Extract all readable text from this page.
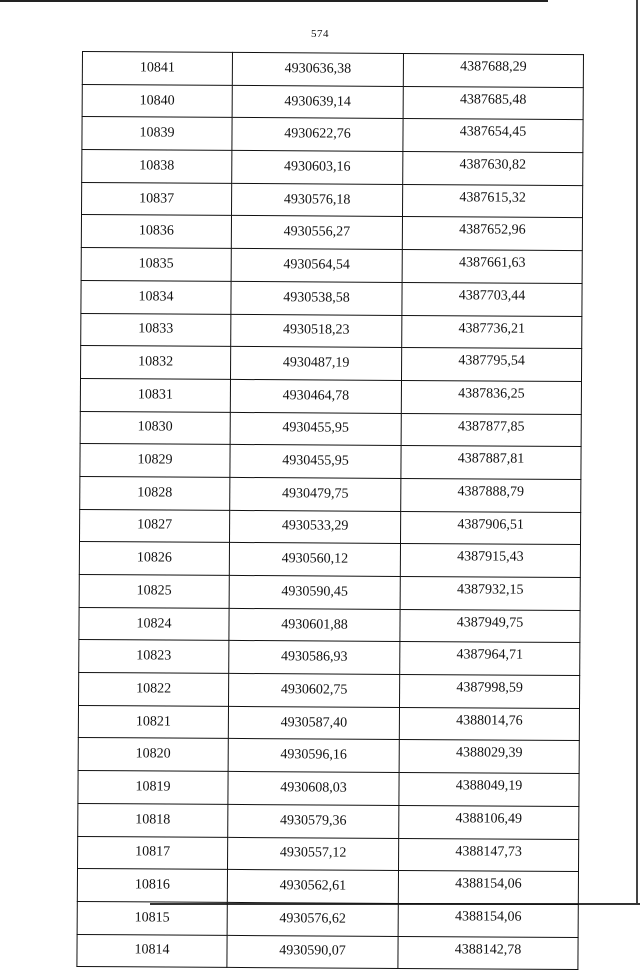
574
10841	4930636,38	4387688,29
10840	4930639,14	4387685,48
10839	4930622,76	4387654,45
10838	4930603,16	4387630,82
10837	4930576,18	4387615,32
10836	4930556,27	4387652,96
10835	4930564,54	4387661,63
10834	4930538,58	4387703,44
10833	4930518,23	4387736,21
10832	4930487,19	4387795,54
10831	4930464,78	4387836,25
10830	4930455,95	4387877,85
10829	4930455,95	4387887,81
10828	4930479,75	4387888,79
10827	4930533,29	4387906,51
10826	4930560,12	4387915,43
10825	4930590,45	4387932,15
10824	4930601,88	4387949,75
10823	4930586,93	4387964,71
10822	4930602,75	4387998,59
10821	4930587,40	4388014,76
10820	4930596,16	4388029,39
10819	4930608,03	4388049,19
10818	4930579,36	4388106,49
10817	4930557,12	4388147,73
10816	4930562,61	4388154,06
10815	4930576,62	4388154,06
10814	4930590,07	4388142,78
